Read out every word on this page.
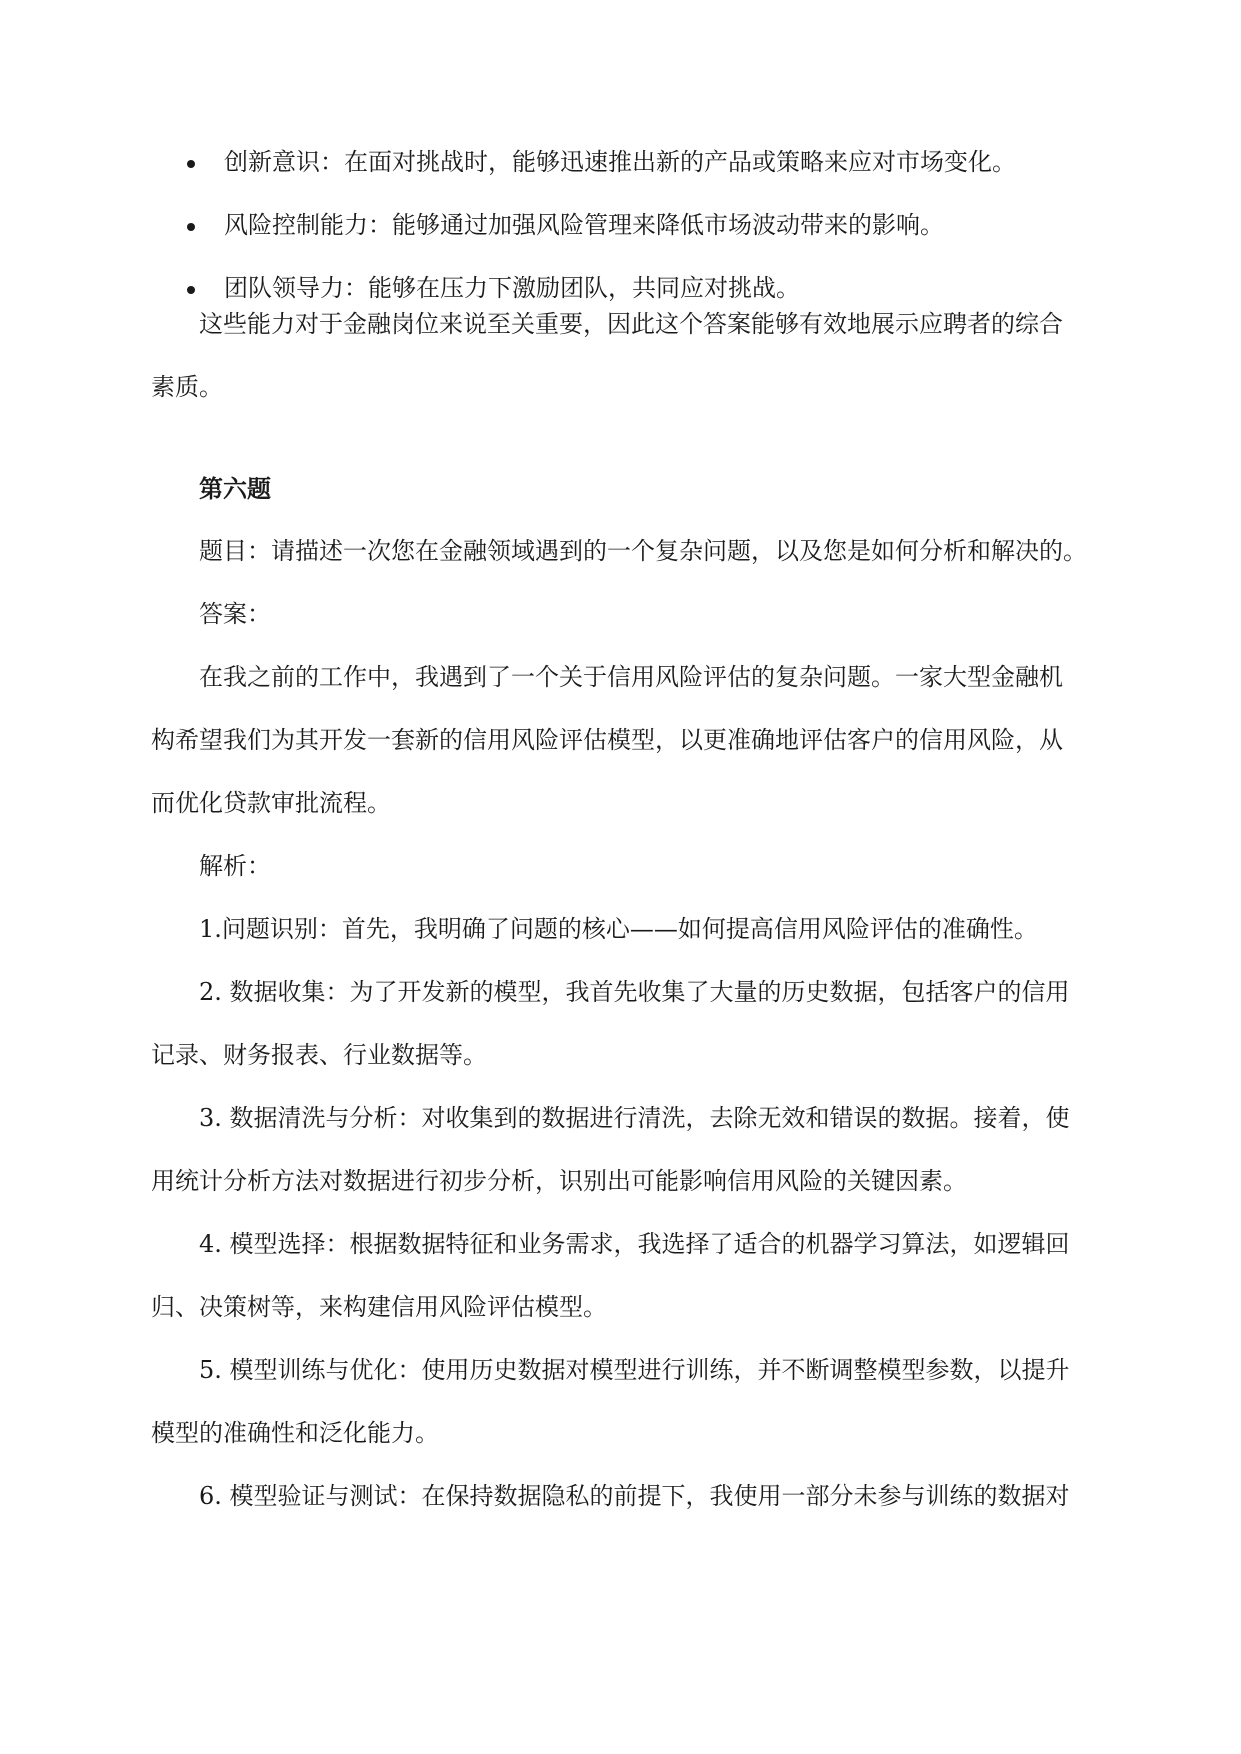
创新意识：在面对挑战时，能够迅速推出新的产品或策略来应对市场变化。
风险控制能力：能够通过加强风险管理来降低市场波动带来的影响。
团队领导力：能够在压力下激励团队，共同应对挑战。

这些能力对于金融岗位来说至关重要，因此这个答案能够有效地展示应聘者的综合
素质。

第六题

题目：请描述一次您在金融领域遇到的一个复杂问题，以及您是如何分析和解决的。

答案：

在我之前的工作中，我遇到了一个关于信用风险评估的复杂问题。一家大型金融机
构希望我们为其开发一套新的信用风险评估模型，以更准确地评估客户的信用风险，从
而优化贷款审批流程。

解析：

1.问题识别：首先，我明确了问题的核心——如何提高信用风险评估的准确性。

2. 数据收集：为了开发新的模型，我首先收集了大量的历史数据，包括客户的信用
记录、财务报表、行业数据等。

3. 数据清洗与分析：对收集到的数据进行清洗，去除无效和错误的数据。接着，使
用统计分析方法对数据进行初步分析，识别出可能影响信用风险的关键因素。

4. 模型选择：根据数据特征和业务需求，我选择了适合的机器学习算法，如逻辑回
归、决策树等，来构建信用风险评估模型。

5. 模型训练与优化：使用历史数据对模型进行训练，并不断调整模型参数，以提升
模型的准确性和泛化能力。

6. 模型验证与测试：在保持数据隐私的前提下，我使用一部分未参与训练的数据对
